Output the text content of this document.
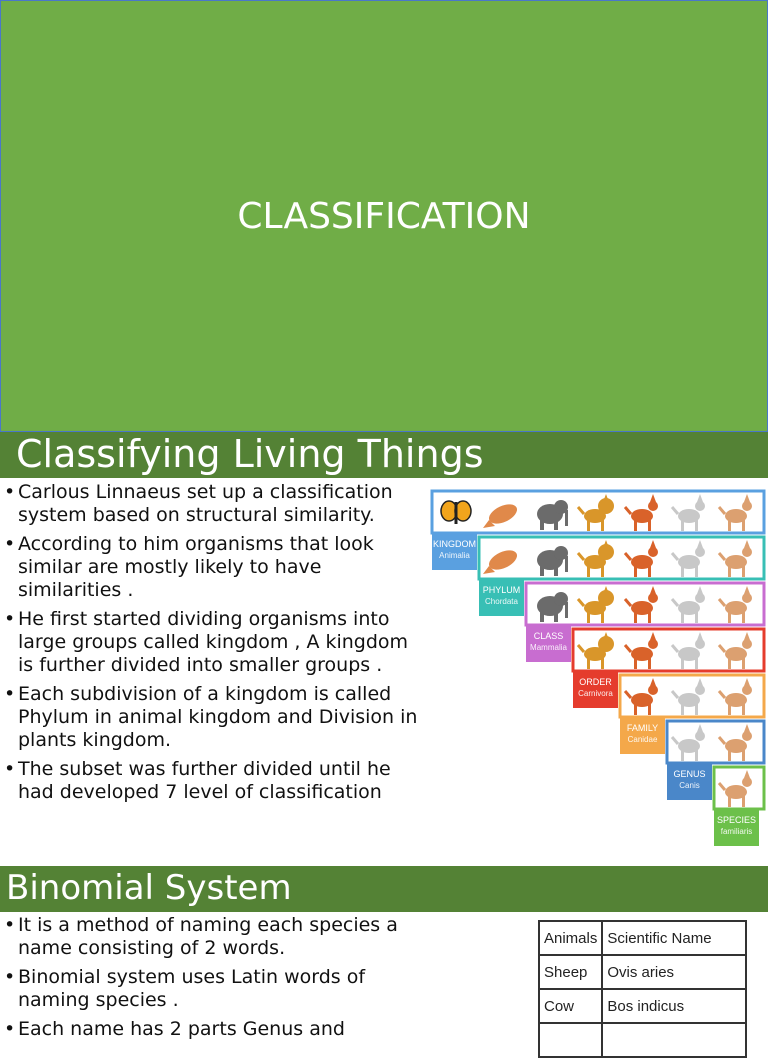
CLASSIFICATION
Classifying Living Things
• Carlous Linnaeus set up a classification system based on structural similarity.
• According to him organisms that look similar are mostly likely to have similarities .
• He first started dividing organisms into large groups called kingdom , A kingdom is further divided into smaller groups .
• Each subdivision of a kingdom is called Phylum in animal kingdom and Division in plants kingdom.
• The subset was further divided until he had developed 7 level of classification
KINGDOM
Animalia
PHYLUM
Chordata
CLASS
Mammalia
ORDER
Carnivora
FAMILY
Canidae
GENUS
Canis
SPECIES
familiaris
Binomial System
• It is a method of naming each species a name consisting of 2 words.
• Binomial system uses Latin words of naming species .
• Each name has 2 parts Genus and
Animals	Scientific Name
Sheep	Ovis aries
Cow	Bos indicus
